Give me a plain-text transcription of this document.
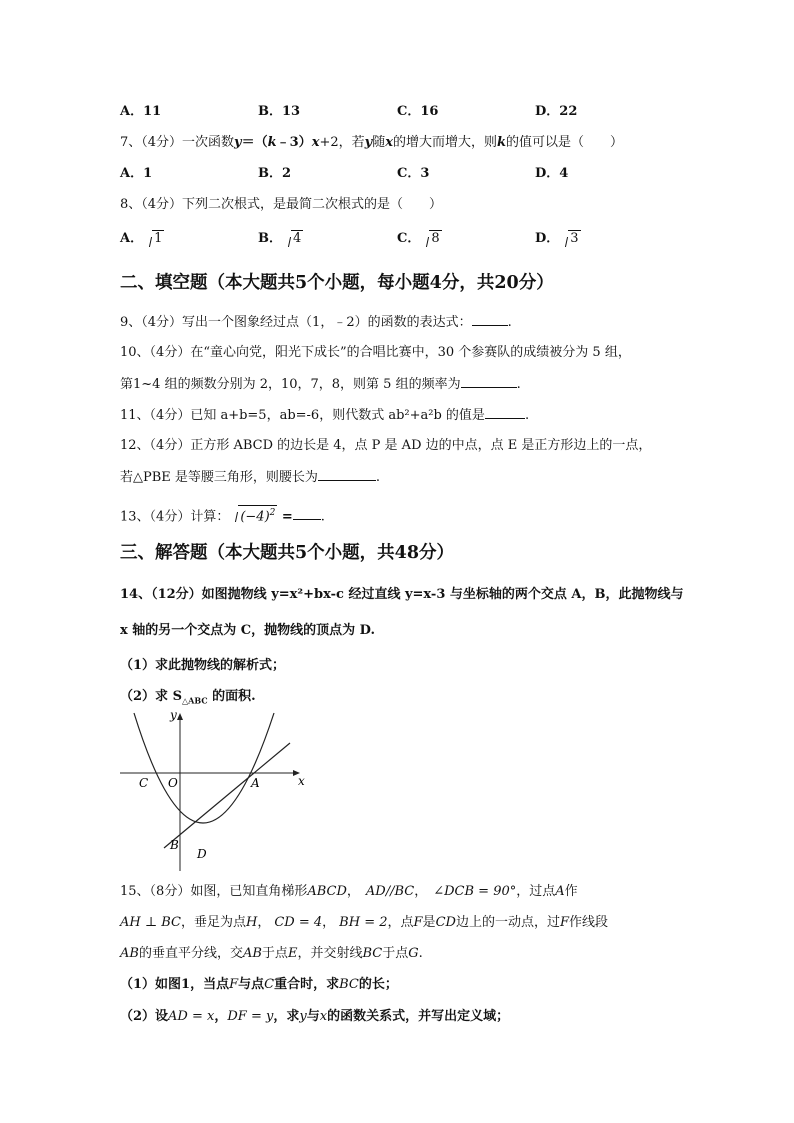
A．11	B．13	C．16	D．22
7、（4分）一次函数y＝（k﹣3）x+2，若y随x的增大而增大，则k的值可以是（　　）
A．1	B．2	C．3	D．4
8、（4分）下列二次根式，是最简二次根式的是（　　）
A． 1	B． 4	C． 8	D． 3
二、填空题（本大题共5个小题，每小题4分，共20分）
9、（4分）写出一个图象经过点（1，﹣2）的函数的表达式：	.
10、（4分）在“童心向党，阳光下成长”的合唱比赛中，30 个参赛队的成绩被分为 5 组，
第1~4 组的频数分别为 2，10，7，8，则第 5 组的频率为	.
11、（4分）已知 a+b=5，ab=-6，则代数式 ab²+a²b 的值是	.
12、（4分）正方形 ABCD 的边长是 4，点 P 是 AD 边的中点，点 E 是正方形边上的一点，
若△PBE 是等腰三角形，则腰长为	.
13、（4分）计算： $(-4)^2$ = .
三、解答题（本大题共5个小题，共48分）
14、（12分）如图抛物线 y=x²+bx-c 经过直线 y=x-3 与坐标轴的两个交点 A，B，此抛物线与
x 轴的另一个交点为 C，抛物线的顶点为 D.
（1）求此抛物线的解析式；
（2）求 $S_{\triangle ABC}$ 的面积.
x
y
C O	A
B
D
15、（8分）如图，已知直角梯形ABCD， AD//BC， ∠DCB = 90°，过点A作
AH ⊥ BC，垂足为点H， CD = 4， BH = 2，点F是CD边上的一动点，过F作线段
AB的垂直平分线，交AB于点E，并交射线BC于点G.
（1）如图1，当点F与点C重合时，求BC的长；
（2）设AD = x，DF = y，求y与x的函数关系式，并写出定义域；
